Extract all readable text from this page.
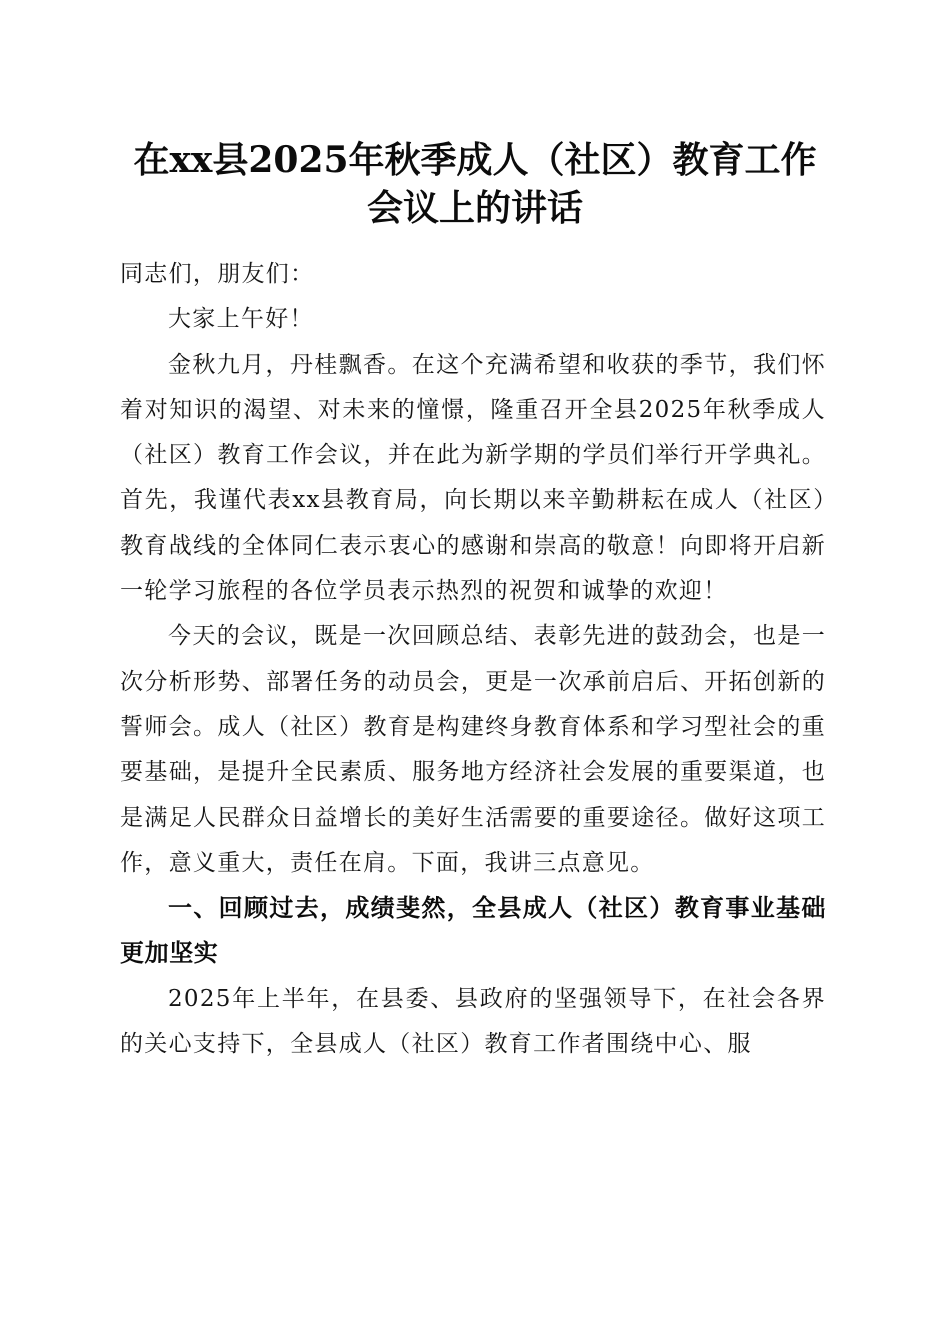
在xx县2025年秋季成人（社区）教育工作会议上的讲话

同志们，朋友们：

大家上午好！

金秋九月，丹桂飘香。在这个充满希望和收获的季节，我们怀着对知识的渴望、对未来的憧憬，隆重召开全县2025年秋季成人（社区）教育工作会议，并在此为新学期的学员们举行开学典礼。首先，我谨代表xx县教育局，向长期以来辛勤耕耘在成人（社区）教育战线的全体同仁表示衷心的感谢和崇高的敬意！向即将开启新一轮学习旅程的各位学员表示热烈的祝贺和诚挚的欢迎！

今天的会议，既是一次回顾总结、表彰先进的鼓劲会，也是一次分析形势、部署任务的动员会，更是一次承前启后、开拓创新的誓师会。成人（社区）教育是构建终身教育体系和学习型社会的重要基础，是提升全民素质、服务地方经济社会发展的重要渠道，也是满足人民群众日益增长的美好生活需要的重要途径。做好这项工作，意义重大，责任在肩。下面，我讲三点意见。

一、回顾过去，成绩斐然，全县成人（社区）教育事业基础更加坚实

2025年上半年，在县委、县政府的坚强领导下，在社会各界的关心支持下，全县成人（社区）教育工作者围绕中心、服
